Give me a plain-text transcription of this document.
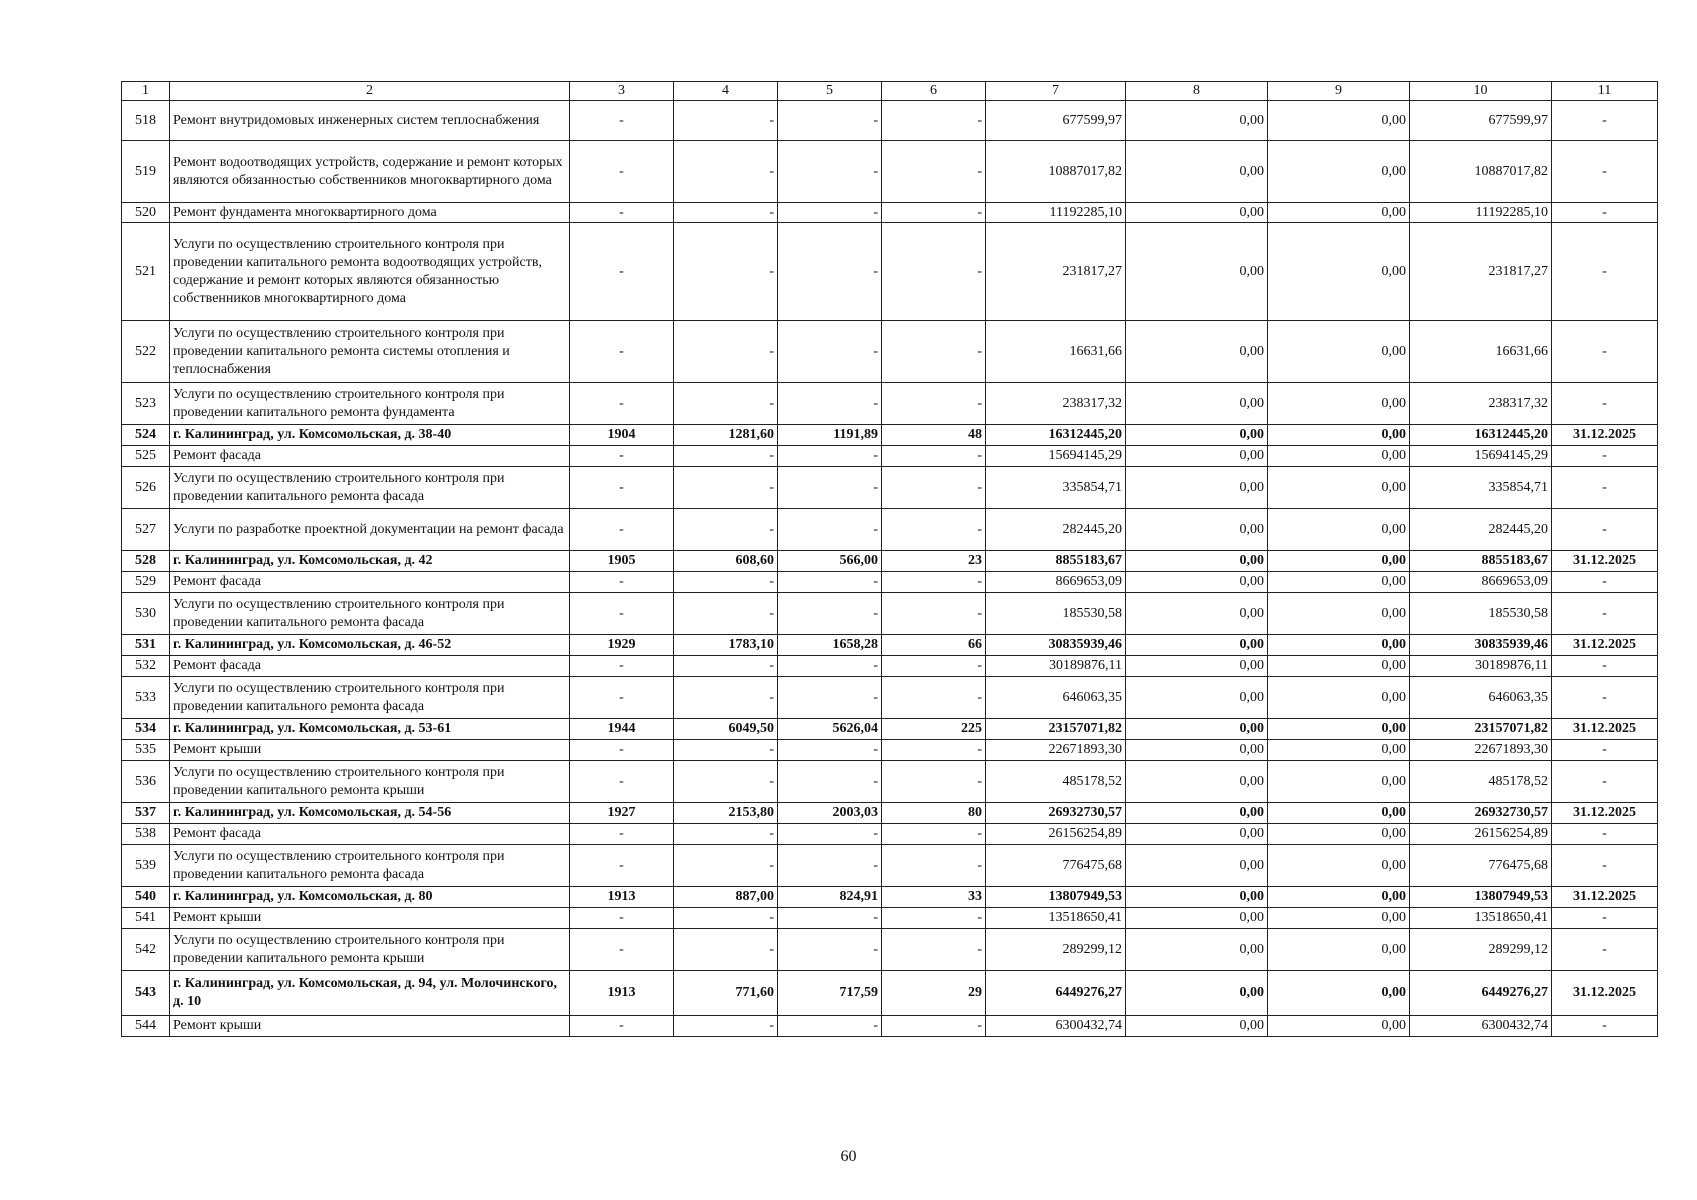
1	2	3	4	5	6	7	8	9	10	11
518	Ремонт внутридомовых инженерных систем теплоснабжения	-	-	-	-	677599,97	0,00	0,00	677599,97	-
519	Ремонт водоотводящих устройств, содержание и ремонт которых являются обязанностью собственников многоквартирного дома	-	-	-	-	10887017,82	0,00	0,00	10887017,82	-
520	Ремонт фундамента многоквартирного дома	-	-	-	-	11192285,10	0,00	0,00	11192285,10	-
521	Услуги по осуществлению строительного контроля при проведении капитального ремонта водоотводящих устройств, содержание и ремонт которых являются обязанностью собственников многоквартирного дома	-	-	-	-	231817,27	0,00	0,00	231817,27	-
522	Услуги по осуществлению строительного контроля при проведении капитального ремонта системы отопления и теплоснабжения	-	-	-	-	16631,66	0,00	0,00	16631,66	-
523	Услуги по осуществлению строительного контроля при проведении капитального ремонта фундамента	-	-	-	-	238317,32	0,00	0,00	238317,32	-
524	г. Калининград, ул. Комсомольская, д. 38-40	1904	1281,60	1191,89	48	16312445,20	0,00	0,00	16312445,20	31.12.2025
525	Ремонт фасада	-	-	-	-	15694145,29	0,00	0,00	15694145,29	-
526	Услуги по осуществлению строительного контроля при проведении капитального ремонта фасада	-	-	-	-	335854,71	0,00	0,00	335854,71	-
527	Услуги по разработке проектной документации на ремонт фасада	-	-	-	-	282445,20	0,00	0,00	282445,20	-
528	г. Калининград, ул. Комсомольская, д. 42	1905	608,60	566,00	23	8855183,67	0,00	0,00	8855183,67	31.12.2025
529	Ремонт фасада	-	-	-	-	8669653,09	0,00	0,00	8669653,09	-
530	Услуги по осуществлению строительного контроля при проведении капитального ремонта фасада	-	-	-	-	185530,58	0,00	0,00	185530,58	-
531	г. Калининград, ул. Комсомольская, д. 46-52	1929	1783,10	1658,28	66	30835939,46	0,00	0,00	30835939,46	31.12.2025
532	Ремонт фасада	-	-	-	-	30189876,11	0,00	0,00	30189876,11	-
533	Услуги по осуществлению строительного контроля при проведении капитального ремонта фасада	-	-	-	-	646063,35	0,00	0,00	646063,35	-
534	г. Калининград, ул. Комсомольская, д. 53-61	1944	6049,50	5626,04	225	23157071,82	0,00	0,00	23157071,82	31.12.2025
535	Ремонт крыши	-	-	-	-	22671893,30	0,00	0,00	22671893,30	-
536	Услуги по осуществлению строительного контроля при проведении капитального ремонта крыши	-	-	-	-	485178,52	0,00	0,00	485178,52	-
537	г. Калининград, ул. Комсомольская, д. 54-56	1927	2153,80	2003,03	80	26932730,57	0,00	0,00	26932730,57	31.12.2025
538	Ремонт фасада	-	-	-	-	26156254,89	0,00	0,00	26156254,89	-
539	Услуги по осуществлению строительного контроля при проведении капитального ремонта фасада	-	-	-	-	776475,68	0,00	0,00	776475,68	-
540	г. Калининград, ул. Комсомольская, д. 80	1913	887,00	824,91	33	13807949,53	0,00	0,00	13807949,53	31.12.2025
541	Ремонт крыши	-	-	-	-	13518650,41	0,00	0,00	13518650,41	-
542	Услуги по осуществлению строительного контроля при проведении капитального ремонта крыши	-	-	-	-	289299,12	0,00	0,00	289299,12	-
543	г. Калининград, ул. Комсомольская, д. 94, ул. Молочинского, д. 10	1913	771,60	717,59	29	6449276,27	0,00	0,00	6449276,27	31.12.2025
544	Ремонт крыши	-	-	-	-	6300432,74	0,00	0,00	6300432,74	-
60
